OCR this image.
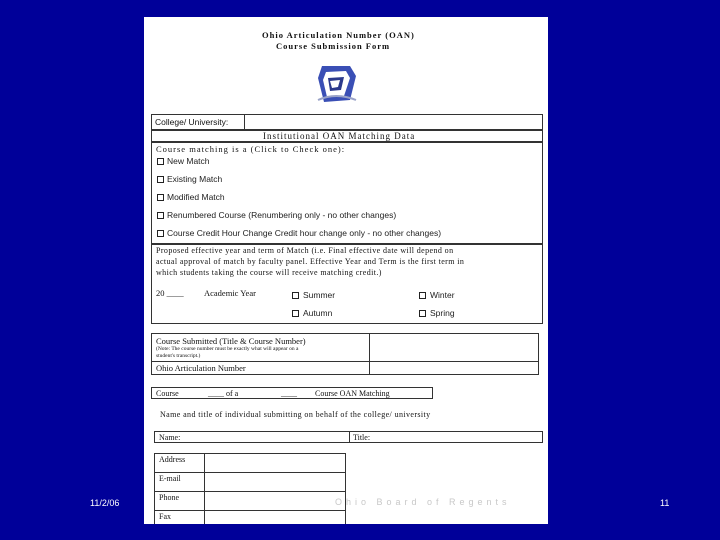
11/2/06	11
Ohio Board of Regents
Ohio Articulation Number (OAN)
Course Submission Form
College/ University:
Institutional OAN Matching Data
Course matching is a (Click to Check one):
New Match
Existing Match
Modified Match
Renumbered Course (Renumbering only - no other changes)
Course Credit Hour Change Credit hour change only - no other changes)
Proposed effective year and term of Match (i.e. Final effective date will depend on
actual approval of match by faculty panel. Effective Year and Term is the first term in
which students taking the course will receive matching credit.)
20 ____ Academic Year	Summer	Winter
Autumn	Spring
Course Submitted (Title & Course Number)
(Note: The course number must be exactly what will appear on a
student's transcript.)
Ohio Articulation Number
Course	____ of a	____ Course OAN Matching
Name and title of individual submitting on behalf of the college/ university
Name:	Title:
Address
E-mail
Phone
Fax
